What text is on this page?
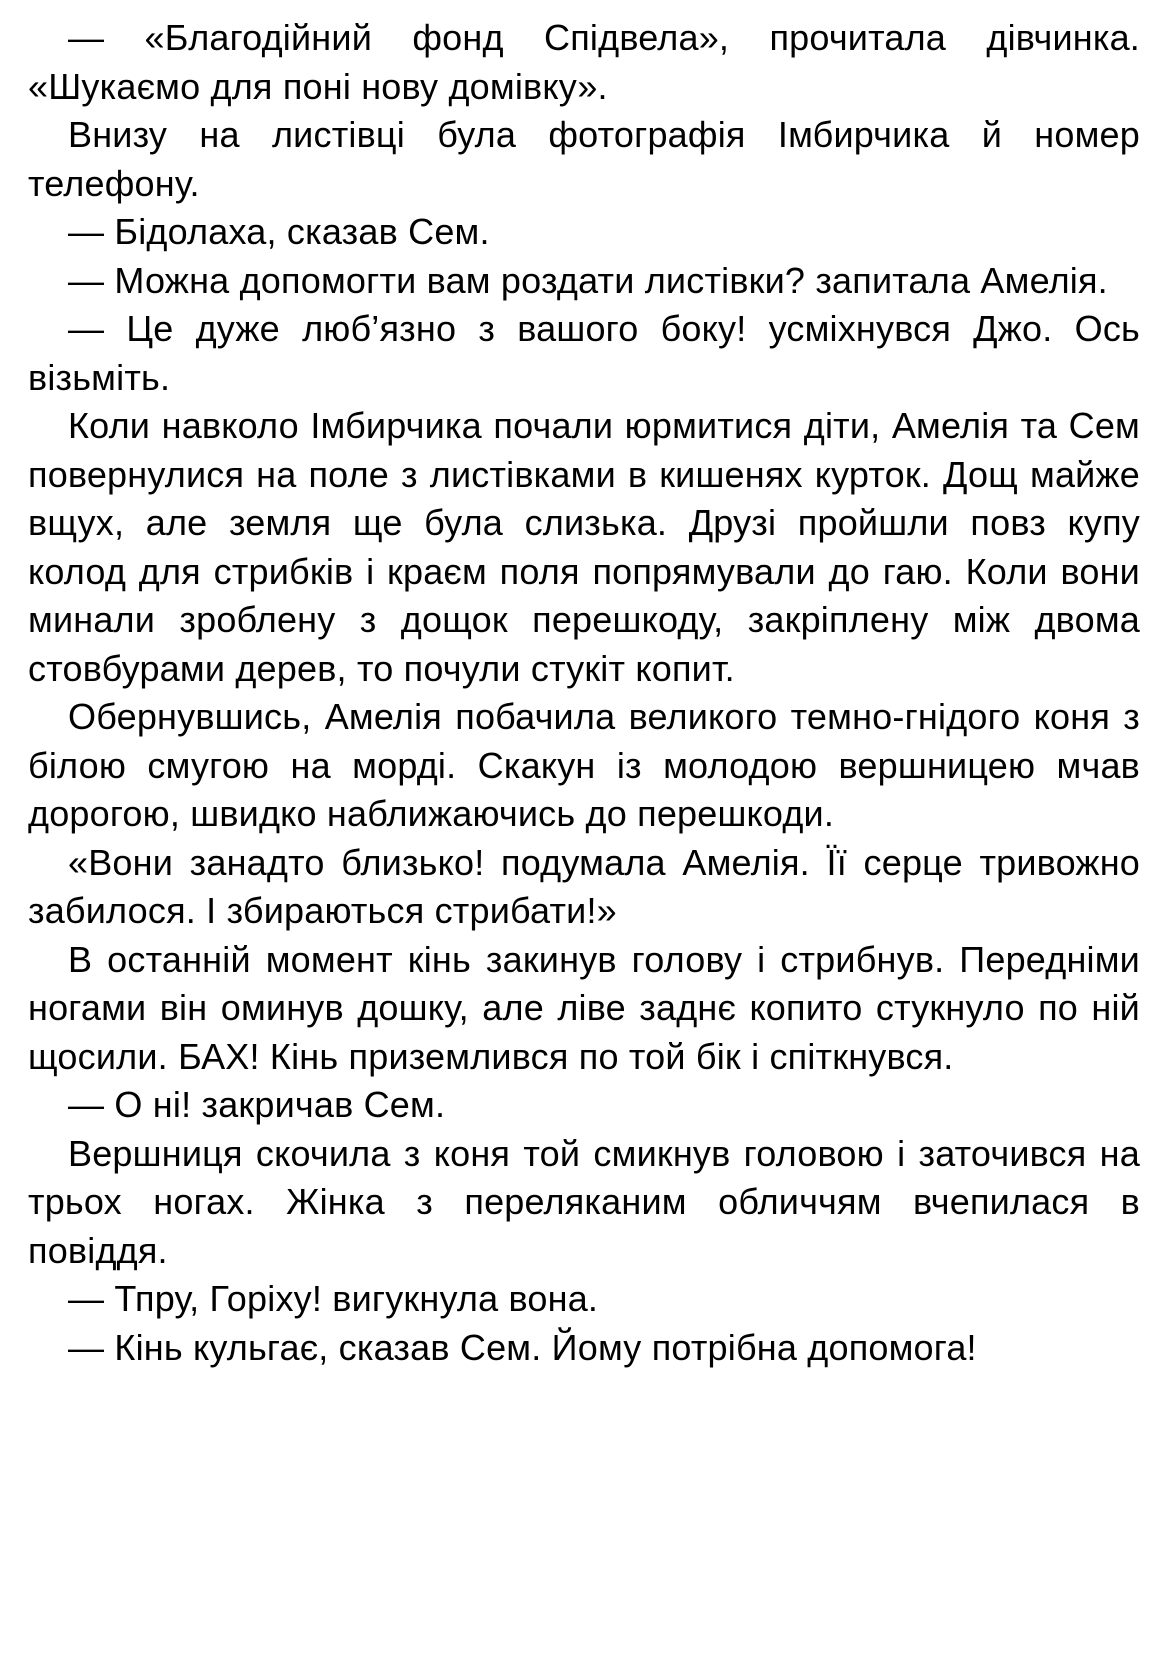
— «Благодійний фонд Спідвела», прочитала дівчинка. «Шукаємо для поні нову домівку».

Внизу на листівці була фотографія Імбирчика й номер телефону.

— Бідолаха, сказав Сем.

— Можна допомогти вам роздати листівки? запитала Амелія.

— Це дуже люб’язно з вашого боку! усміхнувся Джо. Ось візьміть.

Коли навколо Імбирчика почали юрмитися діти, Амелія та Сем повернулися на поле з листівками в кишенях курток. Дощ майже вщух, але земля ще була слизька. Друзі пройшли повз купу колод для стрибків і краєм поля попрямували до гаю. Коли вони минали зроблену з дощок перешкоду, закріплену між двома стовбурами дерев, то почули стукіт копит.

Обернувшись, Амелія побачила великого темно-гнідого коня з білою смугою на морді. Скакун із молодою вершницею мчав дорогою, швидко наближаючись до перешкоди.

«Вони занадто близько! подумала Амелія. Її серце тривожно забилося. І збираються стрибати!»

В останній момент кінь закинув голову і стрибнув. Передніми ногами він оминув дошку, але ліве заднє копито стукнуло по ній щосили. БАХ! Кінь приземлився по той бік і спіткнувся.

— О ні! закричав Сем.

Вершниця скочила з коня той смикнув головою і заточився на трьох ногах. Жінка з переляканим обличчям вчепилася в повіддя.

— Тпру, Горіху! вигукнула вона.

— Кінь кульгає, сказав Сем. Йому потрібна допомога!
